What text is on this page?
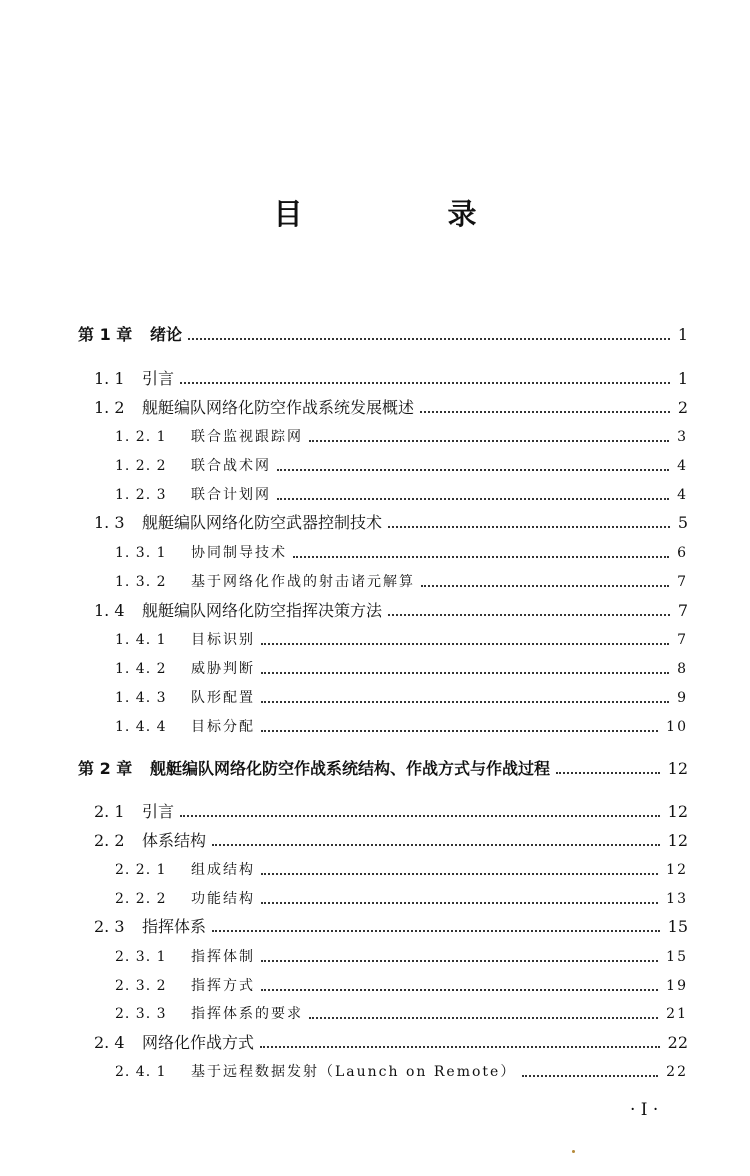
目　录
第 1 章	绪论	1
1. 1	引言	1
1. 2	舰艇编队网络化防空作战系统发展概述	2
1. 2. 1	联合监视跟踪网	3
1. 2. 2	联合战术网	4
1. 2. 3	联合计划网	4
1. 3	舰艇编队网络化防空武器控制技术	5
1. 3. 1	协同制导技术	6
1. 3. 2	基于网络化作战的射击诸元解算	7
1. 4	舰艇编队网络化防空指挥决策方法	7
1. 4. 1	目标识别	7
1. 4. 2	威胁判断	8
1. 4. 3	队形配置	9
1. 4. 4	目标分配	10
第 2 章	舰艇编队网络化防空作战系统结构、作战方式与作战过程	12
2. 1	引言	12
2. 2	体系结构	12
2. 2. 1	组成结构	12
2. 2. 2	功能结构	13
2. 3	指挥体系	15
2. 3. 1	指挥体制	15
2. 3. 2	指挥方式	19
2. 3. 3	指挥体系的要求	21
2. 4	网络化作战方式	22
2. 4. 1	基于远程数据发射（Launch on Remote）	22
· I ·
